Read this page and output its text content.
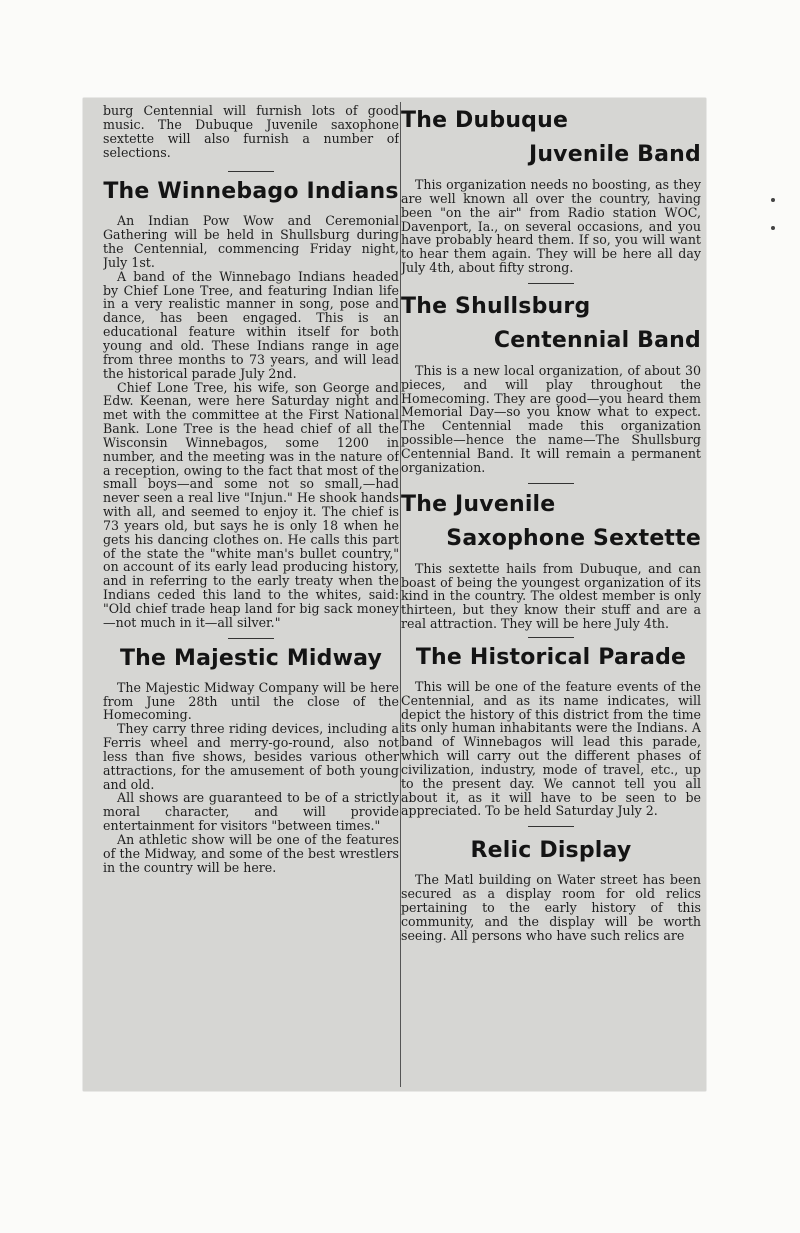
burg Centennial will furnish lots of good music. The Dubuque Juvenile saxophone sextette will also furnish a number of selections.

The Winnebago Indians

An Indian Pow Wow and Ceremonial Gathering will be held in Shullsburg during the Centennial, commencing Friday night, July 1st.

A band of the Winnebago Indians headed by Chief Lone Tree, and featuring Indian life in a very realistic manner in song, pose and dance, has been engaged. This is an educational feature within itself for both young and old. These Indians range in age from three months to 73 years, and will lead the historical parade July 2nd.

Chief Lone Tree, his wife, son George and Edw. Keenan, were here Saturday night and met with the committee at the First National Bank. Lone Tree is the head chief of all the Wisconsin Winnebagos, some 1200 in number, and the meeting was in the nature of a reception, owing to the fact that most of the small boys—and some not so small,—had never seen a real live "Injun." He shook hands with all, and seemed to enjoy it. The chief is 73 years old, but says he is only 18 when he gets his dancing clothes on. He calls this part of the state the "white man's bullet country," on account of its early lead producing history, and in referring to the early treaty when the Indians ceded this land to the whites, said: "Old chief trade heap land for big sack money—not much in it—all silver."

The Majestic Midway

The Majestic Midway Company will be here from June 28th until the close of the Homecoming.

They carry three riding devices, including a Ferris wheel and merry-go-round, also not less than five shows, besides various other attractions, for the amusement of both young and old.

All shows are guaranteed to be of a strictly moral character, and will provide entertainment for visitors "between times."

An athletic show will be one of the features of the Midway, and some of the best wrestlers in the country will be here.

The Dubuque
Juvenile Band

This organization needs no boosting, as they are well known all over the country, having been "on the air" from Radio station WOC, Davenport, Ia., on several occasions, and you have probably heard them. If so, you will want to hear them again. They will be here all day July 4th, about fifty strong.

The Shullsburg
Centennial Band

This is a new local organization, of about 30 pieces, and will play throughout the Homecoming. They are good—you heard them Memorial Day—so you know what to expect. The Centennial made this organization possible—hence the name—The Shullsburg Centennial Band. It will remain a permanent organization.

The Juvenile
Saxophone Sextette

This sextette hails from Dubuque, and can boast of being the youngest organization of its kind in the country. The oldest member is only thirteen, but they know their stuff and are a real attraction. They will be here July 4th.

The Historical Parade

This will be one of the feature events of the Centennial, and as its name indicates, will depict the history of this district from the time its only human inhabitants were the Indians. A band of Winnebagos will lead this parade, which will carry out the different phases of civilization, industry, mode of travel, etc., up to the present day. We cannot tell you all about it, as it will have to be seen to be appreciated. To be held Saturday July 2.

Relic Display

The Matl building on Water street has been secured as a display room for old relics pertaining to the early history of this community, and the display will be worth seeing. All persons who have such relics are
